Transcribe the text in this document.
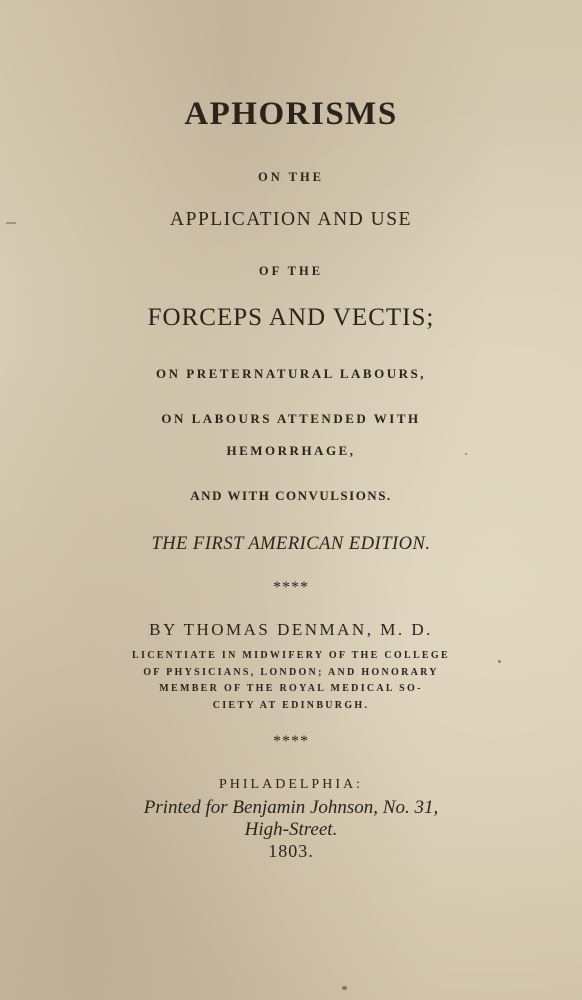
APHORISMS
ON THE
APPLICATION AND USE
OF THE
FORCEPS AND VECTIS;
ON PRETERNATURAL LABOURS,
ON LABOURS ATTENDED WITH
HEMORRHAGE,
AND WITH CONVULSIONS.
THE FIRST AMERICAN EDITION.
****
BY THOMAS DENMAN, M. D.
LICENTIATE IN MIDWIFERY OF THE COLLEGE
OF PHYSICIANS, LONDON; AND HONORARY
MEMBER OF THE ROYAL MEDICAL SO-
CIETY AT EDINBURGH.
****
PHILADELPHIA:
Printed for Benjamin Johnson, No. 31,
High-Street.
1803.
